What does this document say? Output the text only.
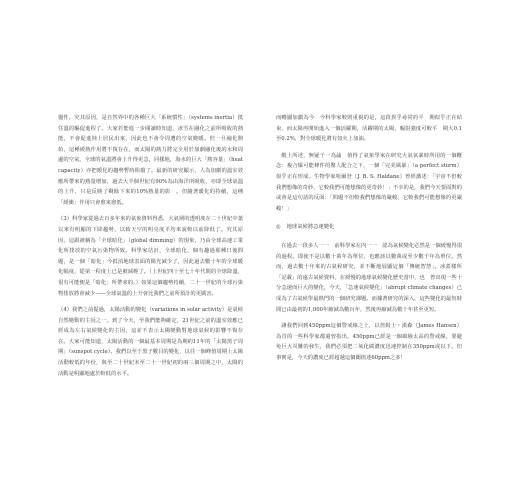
盪性。究其原因，是自然界中的各種巨大「系統慣性」（systems inertia）抵住溫的驅促進程了。大家若能進一步閱讀時知道，冰雪在融化之前所吸收的熱能，不會促進陸上居民出來，因此也不會令周遭的空氣變暖。但一旦融化開始，這種緩熱作用將不復存在，而太陽的熱力將完全用於加劇融化後的水和周邊的空氣，全球的氣溫將會上升得更急，同樣地，海水的巨大「熱容量」（heat capacity）亦把暖化的趨勢暫時阻擋了。最新的研究顯示，人為加劇的溫室效應所帶來的熱量增加，過去大半個世紀有90%為由海洋所吸收，亦即全球氣溫的上升，只是反映了剩餘下來的10%熱量的影　。但隨著暖化的持續，這種「緩衝」作用只會愈來愈低。

（3）科學家從過去百多年來的氣象資料得悉，大氣層的透明度在二十世紀中葉以來有明顯的下降趨勢，以致天空的明亮度平均來說較以前降低了。究其原因，這跟被稱為「全球暗化」（global dimming）的現象，乃由全球高速工業化所排放的空氣污染物所致。科學家估計，全球暗化，個有趣過那種日後問題，是一個「暗化」今抵消地球表面的陽光減少了，因此過去數十年的全球暖化幅度，從第一程度上已是被減輕了。（上世紀四十至七十年代間的全球降溫，很有可能便是「暗化」所帶來的。）如果這個趨勢持續，二十一世紀的全球污染物排放將會減少——全球氣溫的上升會比我們之前所預計的更厲害。

（4）我們之前提過，太陽活動的變化（variations in solar activity）是氣候自然變動的主因之一。到了今天，至我們能夠確定，21世紀之前的溫室效應已經成為左右氣候變化的主因，這並不表示太陽變動對地球氣候的影響不復存在。大家可能知道，太陽活動的一個最基本周期是為期約11年的「太陽黑子周期」（sunspot cycle）。我們以至于黑子數目的變化，以往一個峰值周期上太陽活動較低的年份，與至二十世紀末至二十一世紀初的兩三個周期之中，太陽的活動是明顯地處於較低的水平。

而略顯加劇為今　今科學家較則重視的是，這段異乎尋常的平　期似乎正在結束，而太陽再開始進入一個活躍期，活躍期的太陽，輻射強度可較平　期大0.1至0.2%，對全球暖化將有如火上加油。

縱上所述，無疑千一為論　值得了氣象學家在研究大氣氣暴時所用的一個概念：複合爆可能條件的驚人配合之下，一個「完美風暴」（a perfect storm）似乎正在形成。生物學家哈爾登（J. B. S. Haldane）曾經講述：「宇宙不但較我們想像的奇妙，它較我們可能想像的更奇妙！」不幸的是，我們今天要面對的或會是這句話的反面：「問題不但較我們想像的嚴峻，它較我們可能想像的更嚴峻！」

◎ 地球氣候將急速變化

在過去一段多人一一　前科學家在內一一　認為氣候變化必然是一個緩慢得很的過程。即使不是以數十萬年為單位，也應該以數萬或至少數千年為單位。然而，過去數十年來的古氣候研究，並不斷地展顯這個「傳統智慧」。冰蓋樣所「記載」的遠古氣候資料，在緩慢的地球氣候變化歷史當中，也　曾出現一些十分急速而巨大的變化，今天，「急速氣候變化」（abrupt climate changes）已成為了古氣候學最熱門的一個研究課題。而據著研究的深入，這些變化的最短時間已由最初的1,000年縮減為數百年，然後再縮減為數十年甚至更短。

讓我們回到450ppm這個警戒線之上，以詹姆士・漢森（James Hansen）為首的一些科學家都還曾指出，450ppm已經是一個風險太高的警戒線，要避免巨大災難的發生，我們必須把二氧化碳濃度迅速控制在350ppm或以下。但事實是，今天的濃度已經超越這個閾值達60ppm之多！
